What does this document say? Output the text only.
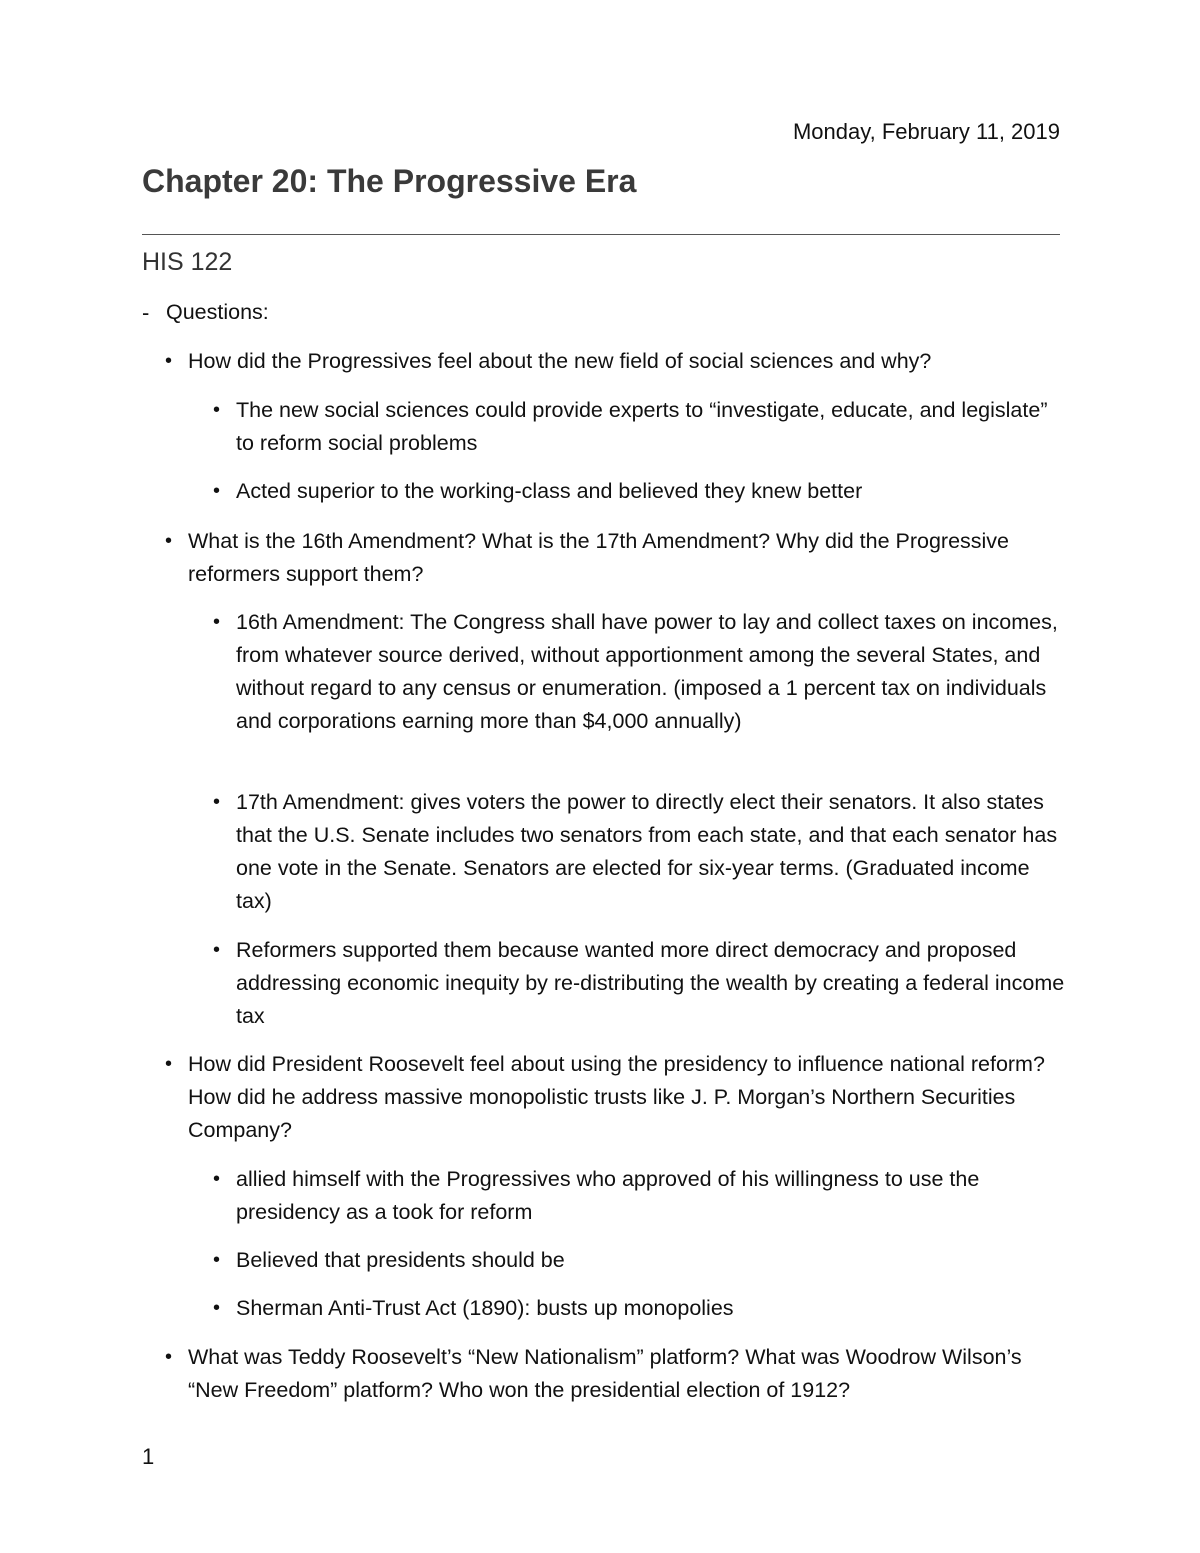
Monday, February 11, 2019
Chapter 20: The Progressive Era
HIS 122
- Questions:
• How did the Progressives feel about the new field of social sciences and why?
• The new social sciences could provide experts to “investigate, educate, and legislate” to reform social problems
• Acted superior to the working-class and believed they knew better
• What is the 16th Amendment? What is the 17th Amendment? Why did the Progressive reformers support them?
• 16th Amendment: The Congress shall have power to lay and collect taxes on incomes, from whatever source derived, without apportionment among the several States, and without regard to any census or enumeration. (imposed a 1 percent tax on individuals and corporations earning more than $4,000 annually)
• 17th Amendment: gives voters the power to directly elect their senators. It also states that the U.S. Senate includes two senators from each state, and that each senator has one vote in the Senate. Senators are elected for six-year terms. (Graduated income tax)
• Reformers supported them because wanted more direct democracy and proposed addressing economic inequity by re-distributing the wealth by creating a federal income tax
• How did President Roosevelt feel about using the presidency to influence national reform? How did he address massive monopolistic trusts like J. P. Morgan’s Northern Securities Company?
• allied himself with the Progressives who approved of his willingness to use the presidency as a took for reform
• Believed that presidents should be
• Sherman Anti-Trust Act (1890): busts up monopolies
• What was Teddy Roosevelt’s “New Nationalism” platform? What was Woodrow Wilson’s “New Freedom” platform? Who won the presidential election of 1912?
1
